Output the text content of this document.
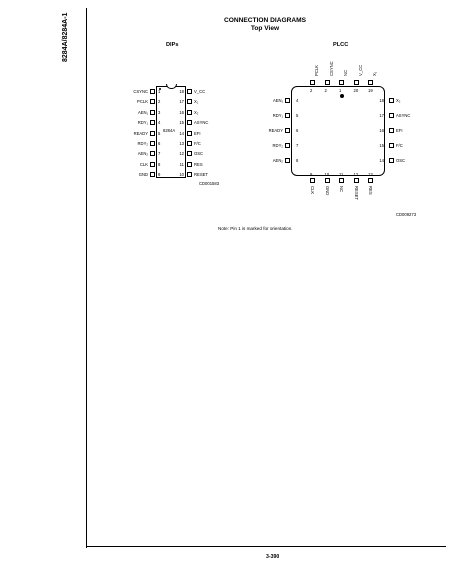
8284A/8284A-1	CONNECTION DIAGRAMS
Top View
DIPs	PLCC
8284A
CD001583
CSYNC 1
PCLK 2
AEN₁ 3
RDY₁ 4
READY 5
RDY₂ 6
AEN₂ 7
CLK 8
GND 9
V_CC
18
X₁
17
X₂
16
ASYNC
15
EFI
14
F/C
13
OSC
12
RES
11
RESET
10
CD009273
PCLK
2
CSYNC
2
NC
1
V_CC
20
X₁
19
AEN₁	4
RDY₁	5
READY	6
RDY₂	7
AEN₂	8
X₂
18
ASYNC
17
EFI
16
F/C
15
OSC
14
9
CLK
10
GND
11
NC
12
RESET
13
RES
Note: Pin 1 is marked for orientation.
3-390
